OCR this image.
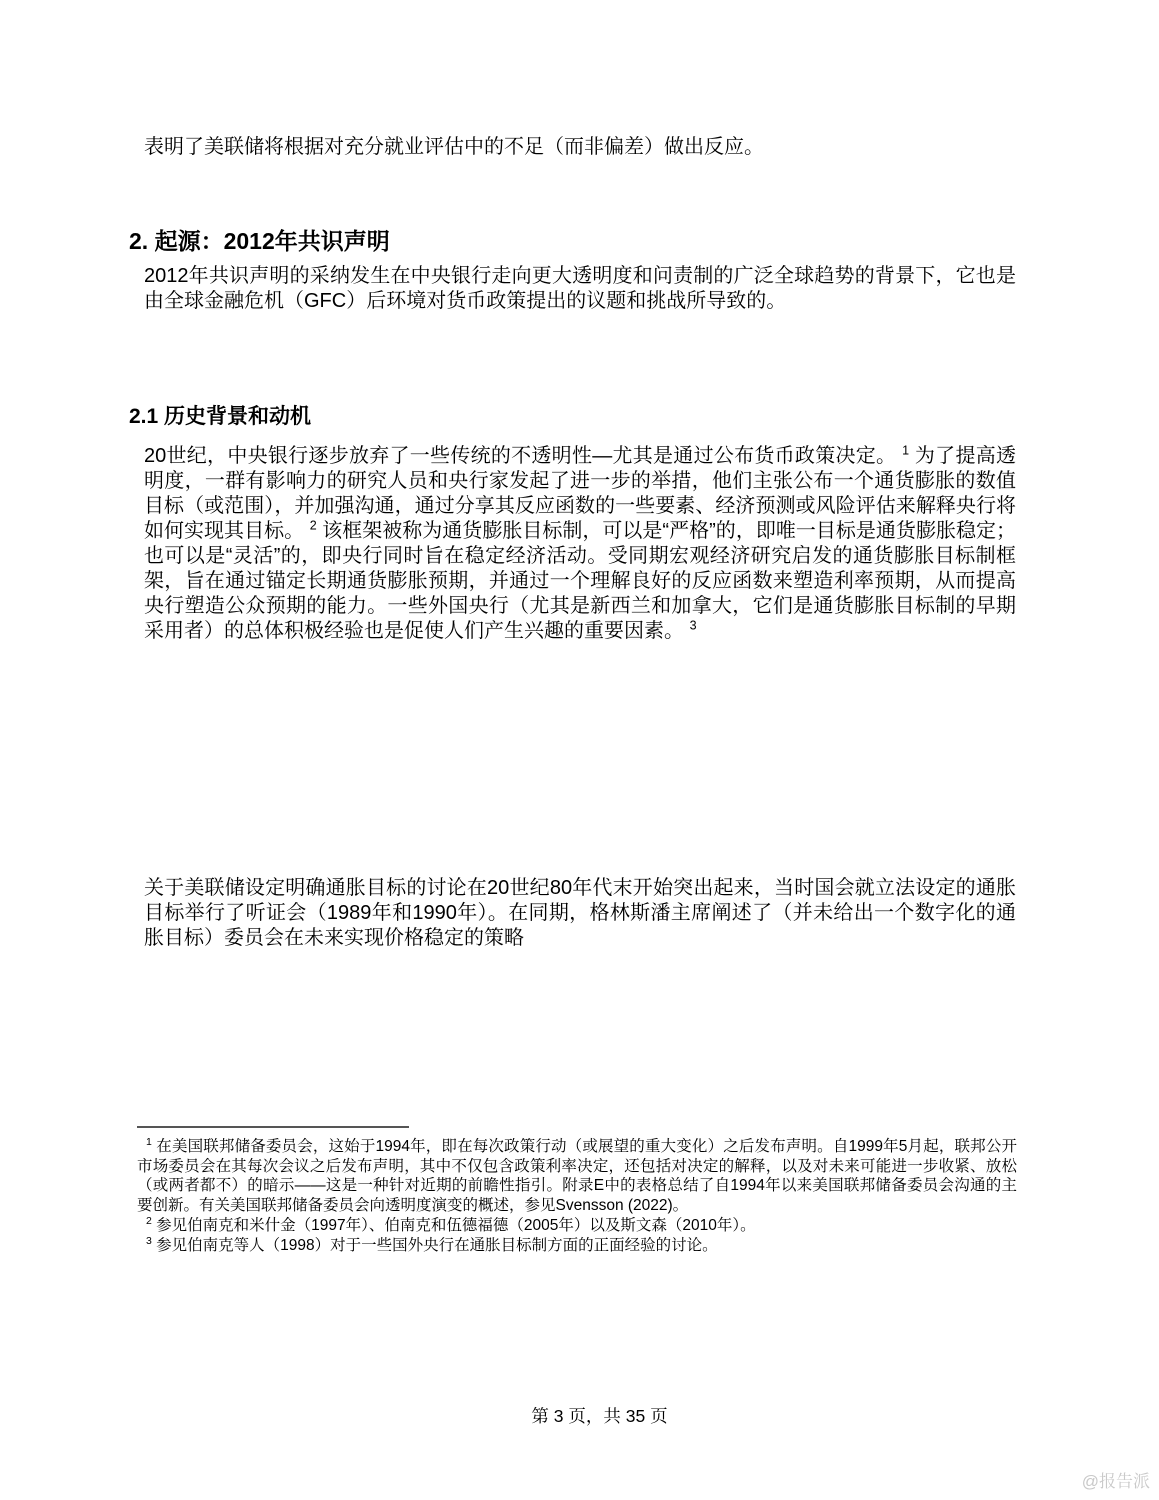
表明了美联储将根据对充分就业评估中的不足（而非偏差）做出反应。

2. 起源：2012年共识声明

2012年共识声明的采纳发生在中央银行走向更大透明度和问责制的广泛全球趋势的背景下，它也是由全球金融危机（GFC）后环境对货币政策提出的议题和挑战所导致的。

2.1 历史背景和动机

20世纪，中央银行逐步放弃了一些传统的不透明性—尤其是通过公布货币政策决定。 $^1$ 为了提高透明度，一群有影响力的研究人员和央行家发起了进一步的举措，他们主张公布一个通货膨胀的数值目标（或范围），并加强沟通，通过分享其反应函数的一些要素、经济预测或风险评估来解释央行将如何实现其目标。 $^2$ 该框架被称为通货膨胀目标制，可以是“严格”的，即唯一目标是通货膨胀稳定；也可以是“灵活”的，即央行同时旨在稳定经济活动。受同期宏观经济研究启发的通货膨胀目标制框架，旨在通过锚定长期通货膨胀预期，并通过一个理解良好的反应函数来塑造利率预期，从而提高央行塑造公众预期的能力。一些外国央行（尤其是新西兰和加拿大，它们是通货膨胀目标制的早期采用者）的总体积极经验也是促使人们产生兴趣的重要因素。 $^3$

关于美联储设定明确通胀目标的讨论在20世纪80年代末开始突出起来，当时国会就立法设定的通胀目标举行了听证会（1989年和1990年）。在同期，格林斯潘主席阐述了（并未给出一个数字化的通胀目标）委员会在未来实现价格稳定的策略

$^1$ 在美国联邦储备委员会，这始于1994年，即在每次政策行动（或展望的重大变化）之后发布声明。自1999年5月起，联邦公开市场委员会在其每次会议之后发布声明，其中不仅包含政策利率决定，还包括对决定的解释，以及对未来可能进一步收紧、放松（或两者都不）的暗示——这是一种针对近期的前瞻性指引。附录E中的表格总结了自1994年以来美国联邦储备委员会沟通的主要创新。有关美国联邦储备委员会向透明度演变的概述，参见Svensson (2022)。

$^2$ 参见伯南克和米什金（1997年）、伯南克和伍德福德（2005年）以及斯文森（2010年）。

$^3$ 参见伯南克等人（1998）对于一些国外央行在通胀目标制方面的正面经验的讨论。

第 3 页，共 35 页
@报告派
